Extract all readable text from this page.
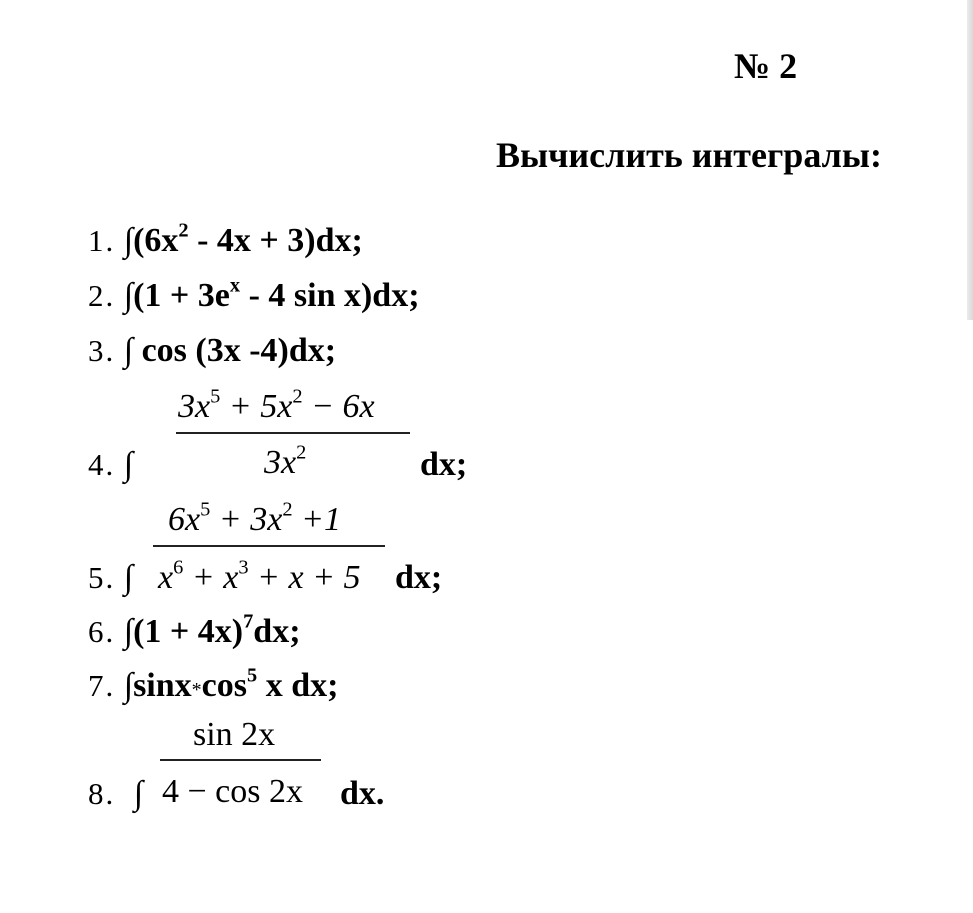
№ 2
Вычислить интегралы:
1. $\int(6x^2 - 4x + 3)dx$;
2. $\int(1 + 3e^x - 4$ sin x)dx;
3. ∫ cos (3x -4)dx;
$3x^5 + 5x^2 - 6x$
$3x^2$
4. ∫	dx;
$6x^5 + 3x^2 +1$
5. ∫ $x^6 + x^3 + x + 5$ dx;
6. $\int(1 + 4x)^7dx$;
7. $\int\sin x*\cos^5$ x dx;
sin 2x
8. ∫ 4 − cos 2x dx.
